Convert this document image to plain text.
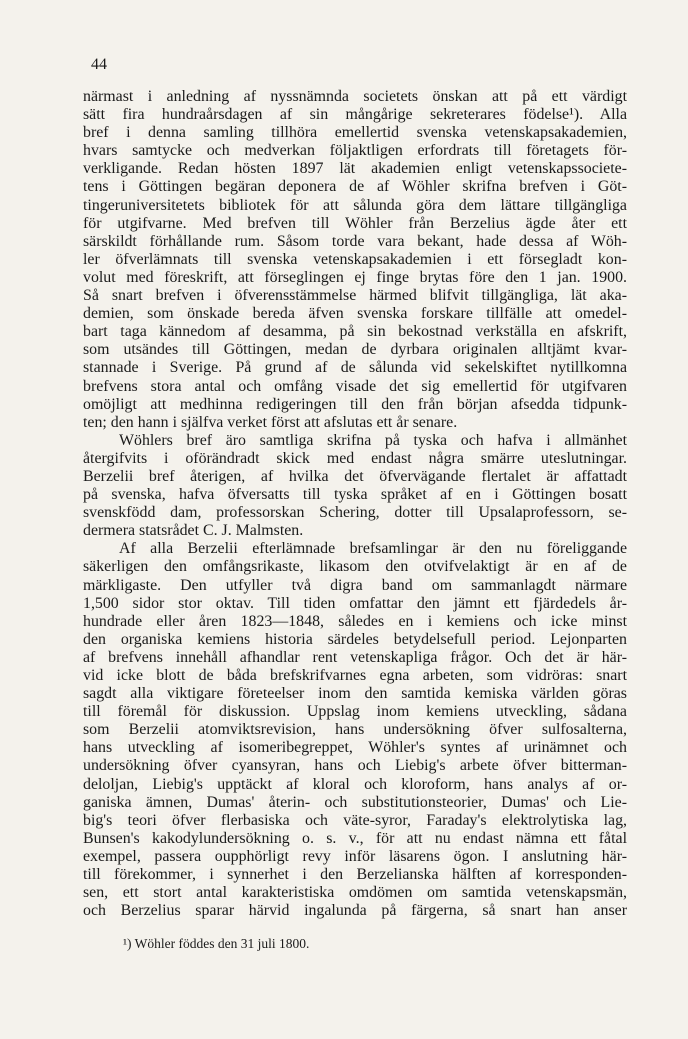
44
närmast i anledning af nyssnämnda societets önskan att på ett värdigt
sätt fira hundraårsdagen af sin mångårige sekreterares födelse¹). Alla
bref i denna samling tillhöra emellertid svenska vetenskapsakademien,
hvars samtycke och medverkan följaktligen erfordrats till företagets för-
verkligande. Redan hösten 1897 lät akademien enligt vetenskapssociete-
tens i Göttingen begäran deponera de af Wöhler skrifna brefven i Göt-
tingeruniversitetets bibliotek för att sålunda göra dem lättare tillgängliga
för utgifvarne. Med brefven till Wöhler från Berzelius ägde åter ett
särskildt förhållande rum. Såsom torde vara bekant, hade dessa af Wöh-
ler öfverlämnats till svenska vetenskapsakademien i ett försegladt kon-
volut med föreskrift, att förseglingen ej finge brytas före den 1 jan. 1900.
Så snart brefven i öfverensstämmelse härmed blifvit tillgängliga, lät aka-
demien, som önskade bereda äfven svenska forskare tillfälle att omedel-
bart taga kännedom af desamma, på sin bekostnad verkställa en afskrift,
som utsändes till Göttingen, medan de dyrbara originalen alltjämt kvar-
stannade i Sverige. På grund af de sålunda vid sekelskiftet nytillkomna
brefvens stora antal och omfång visade det sig emellertid för utgifvaren
omöjligt att medhinna redigeringen till den från början afsedda tidpunk-
ten; den hann i själfva verket först att afslutas ett år senare.
Wöhlers bref äro samtliga skrifna på tyska och hafva i allmänhet
återgifvits i oförändradt skick med endast några smärre uteslutningar.
Berzelii bref återigen, af hvilka det öfvervägande flertalet är affattadt
på svenska, hafva öfversatts till tyska språket af en i Göttingen bosatt
svenskfödd dam, professorskan Schering, dotter till Upsalaprofessorn, se-
dermera statsrådet C. J. Malmsten.
Af alla Berzelii efterlämnade brefsamlingar är den nu föreliggande
säkerligen den omfångsrikaste, likasom den otvifvelaktigt är en af de
märkligaste. Den utfyller två digra band om sammanlagdt närmare
1,500 sidor stor oktav. Till tiden omfattar den jämnt ett fjärdedels år-
hundrade eller åren 1823—1848, således en i kemiens och icke minst
den organiska kemiens historia särdeles betydelsefull period. Lejonparten
af brefvens innehåll afhandlar rent vetenskapliga frågor. Och det är här-
vid icke blott de båda brefskrifvarnes egna arbeten, som vidröras: snart
sagdt alla viktigare företeelser inom den samtida kemiska världen göras
till föremål för diskussion. Uppslag inom kemiens utveckling, sådana
som Berzelii atomviktsrevision, hans undersökning öfver sulfosalterna,
hans utveckling af isomeribegreppet, Wöhler's syntes af urinämnet och
undersökning öfver cyansyran, hans och Liebig's arbete öfver bitterman-
deloljan, Liebig's upptäckt af kloral och kloroform, hans analys af or-
ganiska ämnen, Dumas' återin- och substitutionsteorier, Dumas' och Lie-
big's teori öfver flerbasiska och väte-syror, Faraday's elektrolytiska lag,
Bunsen's kakodylundersökning o. s. v., för att nu endast nämna ett fåtal
exempel, passera oupphörligt revy inför läsarens ögon. I anslutning här-
till förekommer, i synnerhet i den Berzelianska hälften af korresponden-
sen, ett stort antal karakteristiska omdömen om samtida vetenskapsmän,
och Berzelius sparar härvid ingalunda på färgerna, så snart han anser
¹) Wöhler föddes den 31 juli 1800.
